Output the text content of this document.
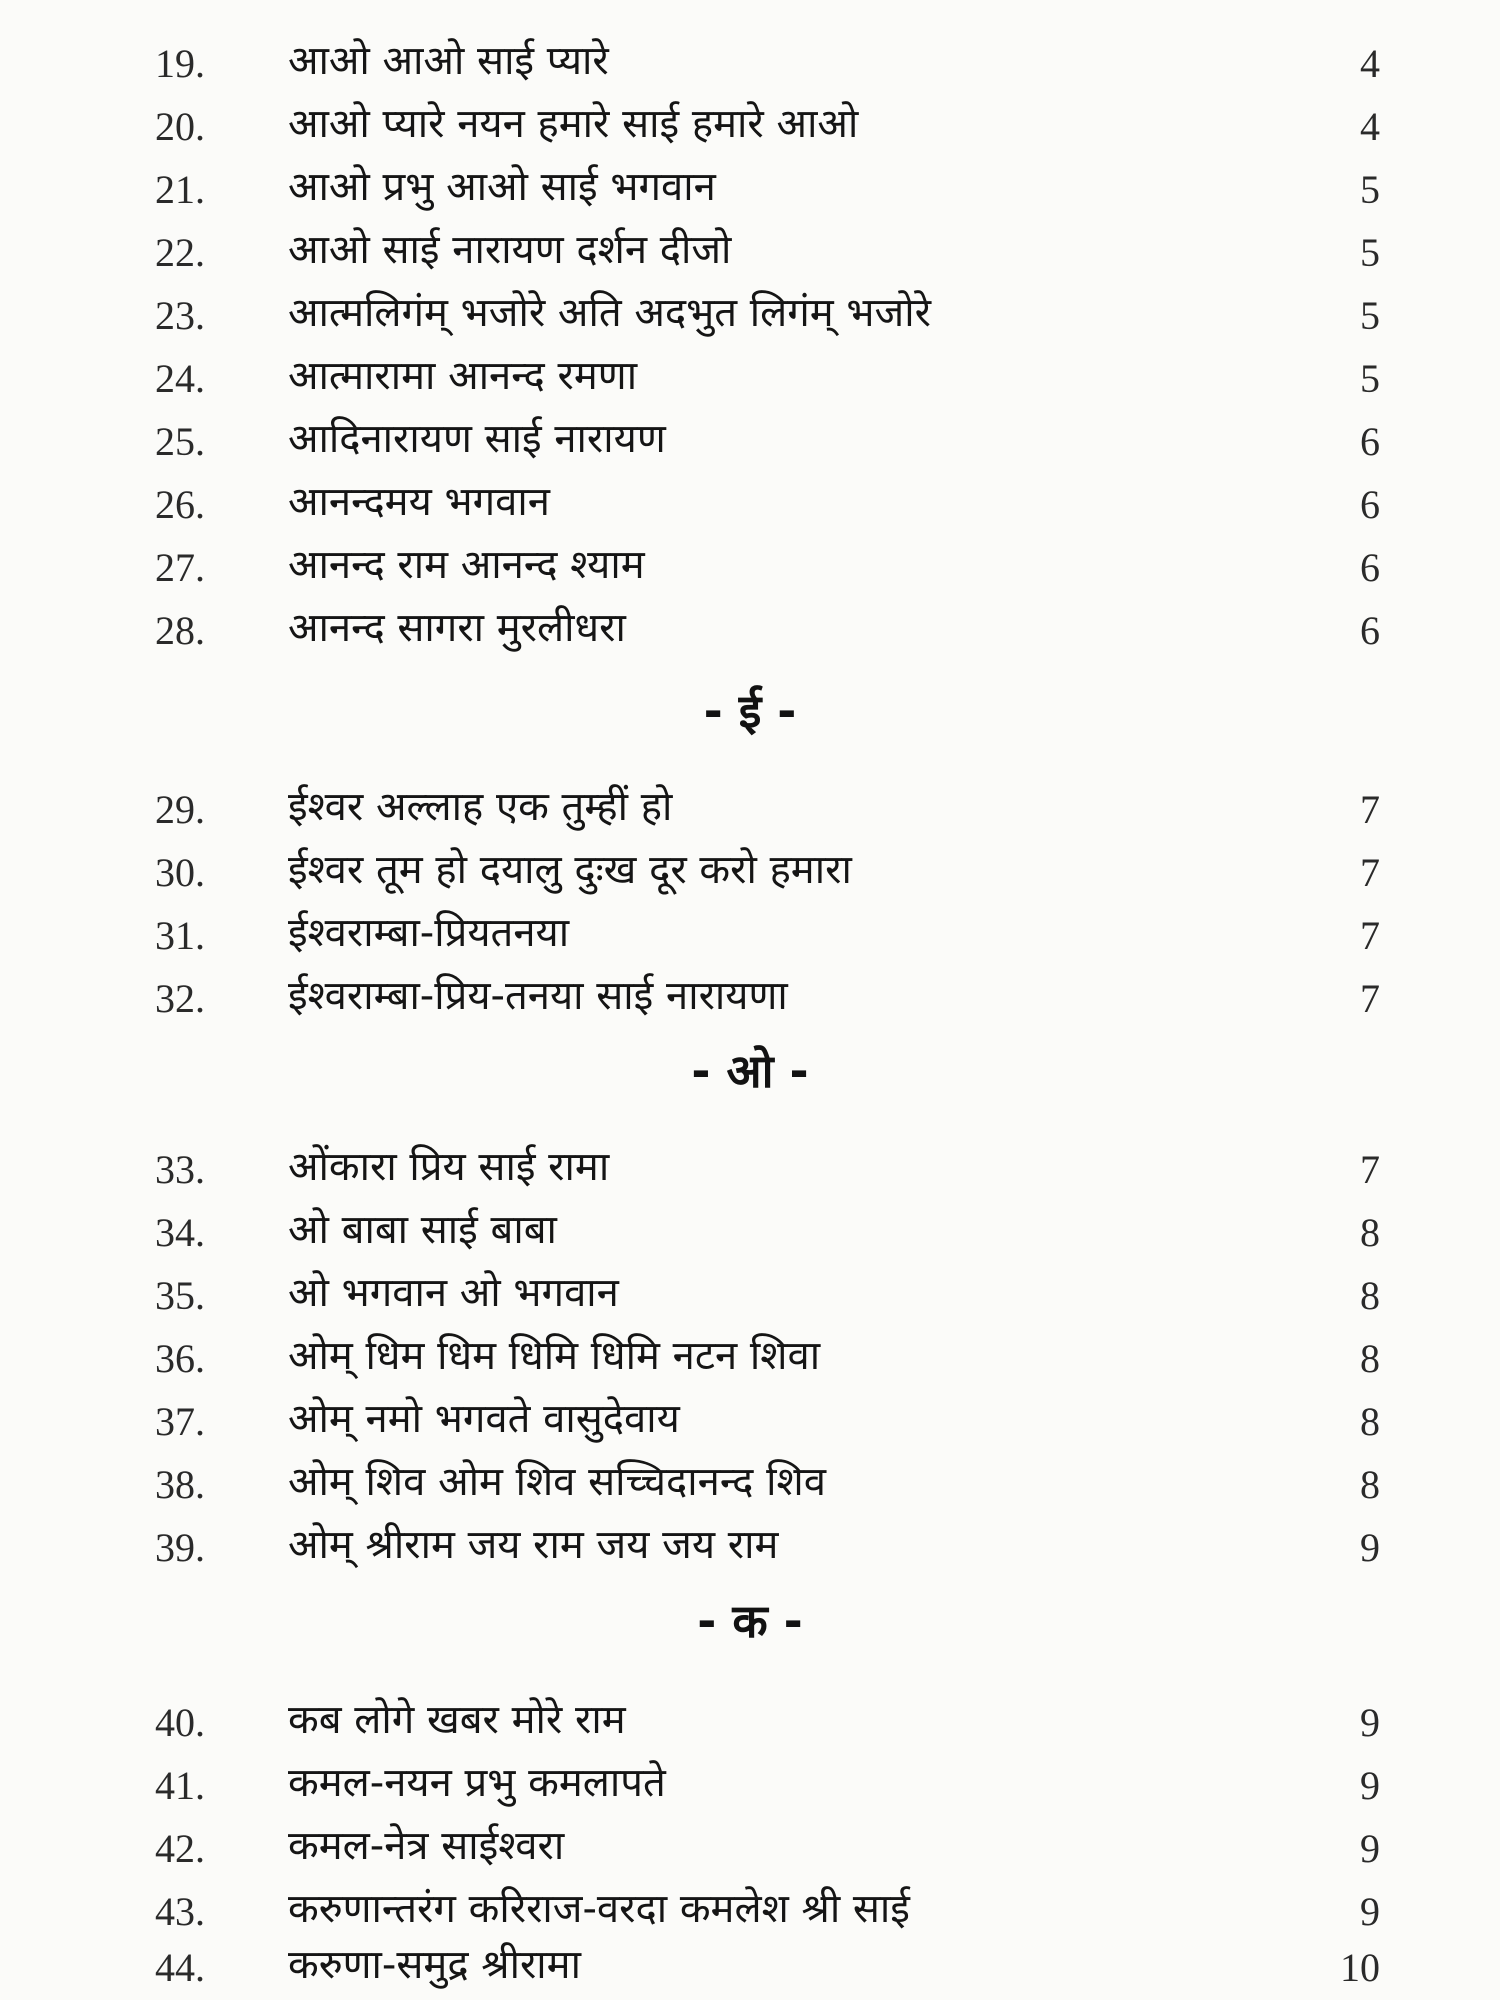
19. आओ आओ साई प्यारे	4
20. आओ प्यारे नयन हमारे साई हमारे आओ	4
21. आओ प्रभु आओ साई भगवान	5
22. आओ साई नारायण दर्शन दीजो	5
23. आत्मलिगंम् भजोरे अति अदभुत लिगंम् भजोरे	5
24. आत्मारामा आनन्द रमणा	5
25. आदिनारायण साई नारायण	6
26. आनन्दमय भगवान	6
27. आनन्द राम आनन्द श्याम	6
28. आनन्द सागरा मुरलीधरा	6
- ई -
29. ईश्वर अल्लाह एक तुम्हीं हो	7
30. ईश्वर तूम हो दयालु दुःख दूर करो हमारा	7
31. ईश्वराम्बा-प्रियतनया	7
32. ईश्वराम्बा-प्रिय-तनया साई नारायणा	7
- ओ -
33. ओंकारा प्रिय साई रामा	7
34. ओ बाबा साई बाबा	8
35. ओ भगवान ओ भगवान	8
36. ओम् धिम धिम धिमि धिमि नटन शिवा	8
37. ओम् नमो भगवते वासुदेवाय	8
38. ओम् शिव ओम शिव सच्चिदानन्द शिव	8
39. ओम् श्रीराम जय राम जय जय राम	9
- क -
40. कब लोगे खबर मोरे राम	9
41. कमल-नयन प्रभु कमलापते	9
42. कमल-नेत्र साईश्वरा	9
43. करुणान्तरंग करिराज-वरदा कमलेश श्री साई	9
44. करुणा-समुद्र श्रीरामा	10
